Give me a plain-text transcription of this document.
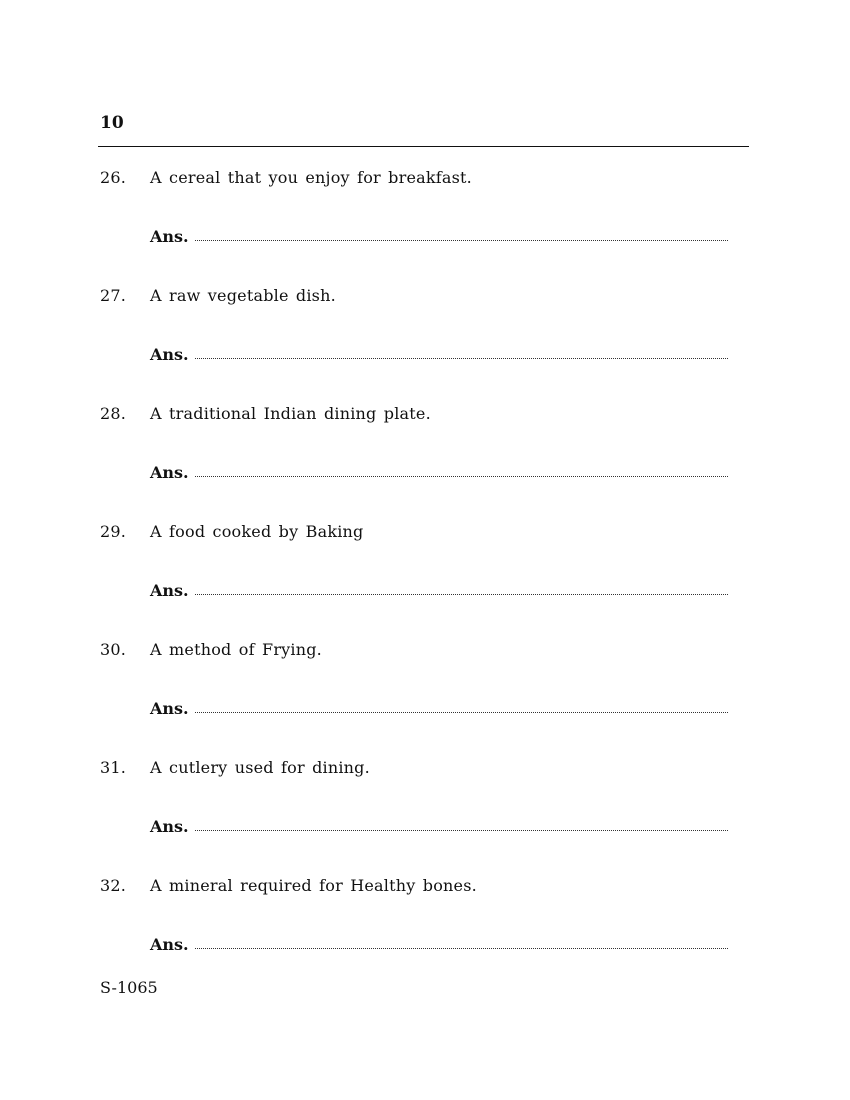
10
26. A cereal that you enjoy for breakfast.
Ans.
27. A raw vegetable dish.
Ans.
28. A traditional Indian dining plate.
Ans.
29. A food cooked by Baking
Ans.
30. A method of Frying.
Ans.
31. A cutlery used for dining.
Ans.
32. A mineral required for Healthy bones.
Ans.
S-1065
